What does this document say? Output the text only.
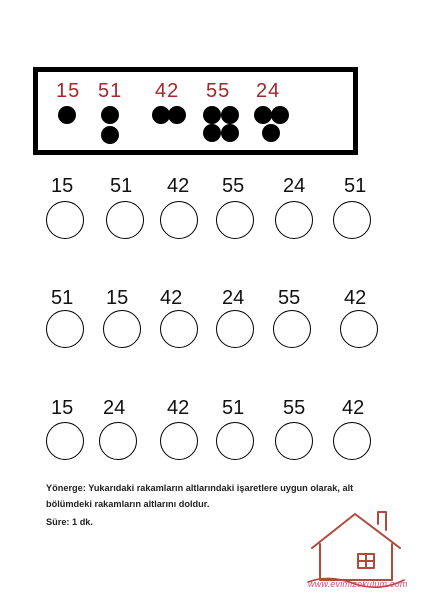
15 51 42 55 24
15 51 42 55 24 51
51 15 42 24 55 42
15 24 42 51 55 42
Yönerge: Yukarıdaki rakamların altlarındaki işaretlere uygun olarak, alt bölümdeki rakamların altlarını doldur.
Süre: 1 dk.
www.evimizokulum.com
